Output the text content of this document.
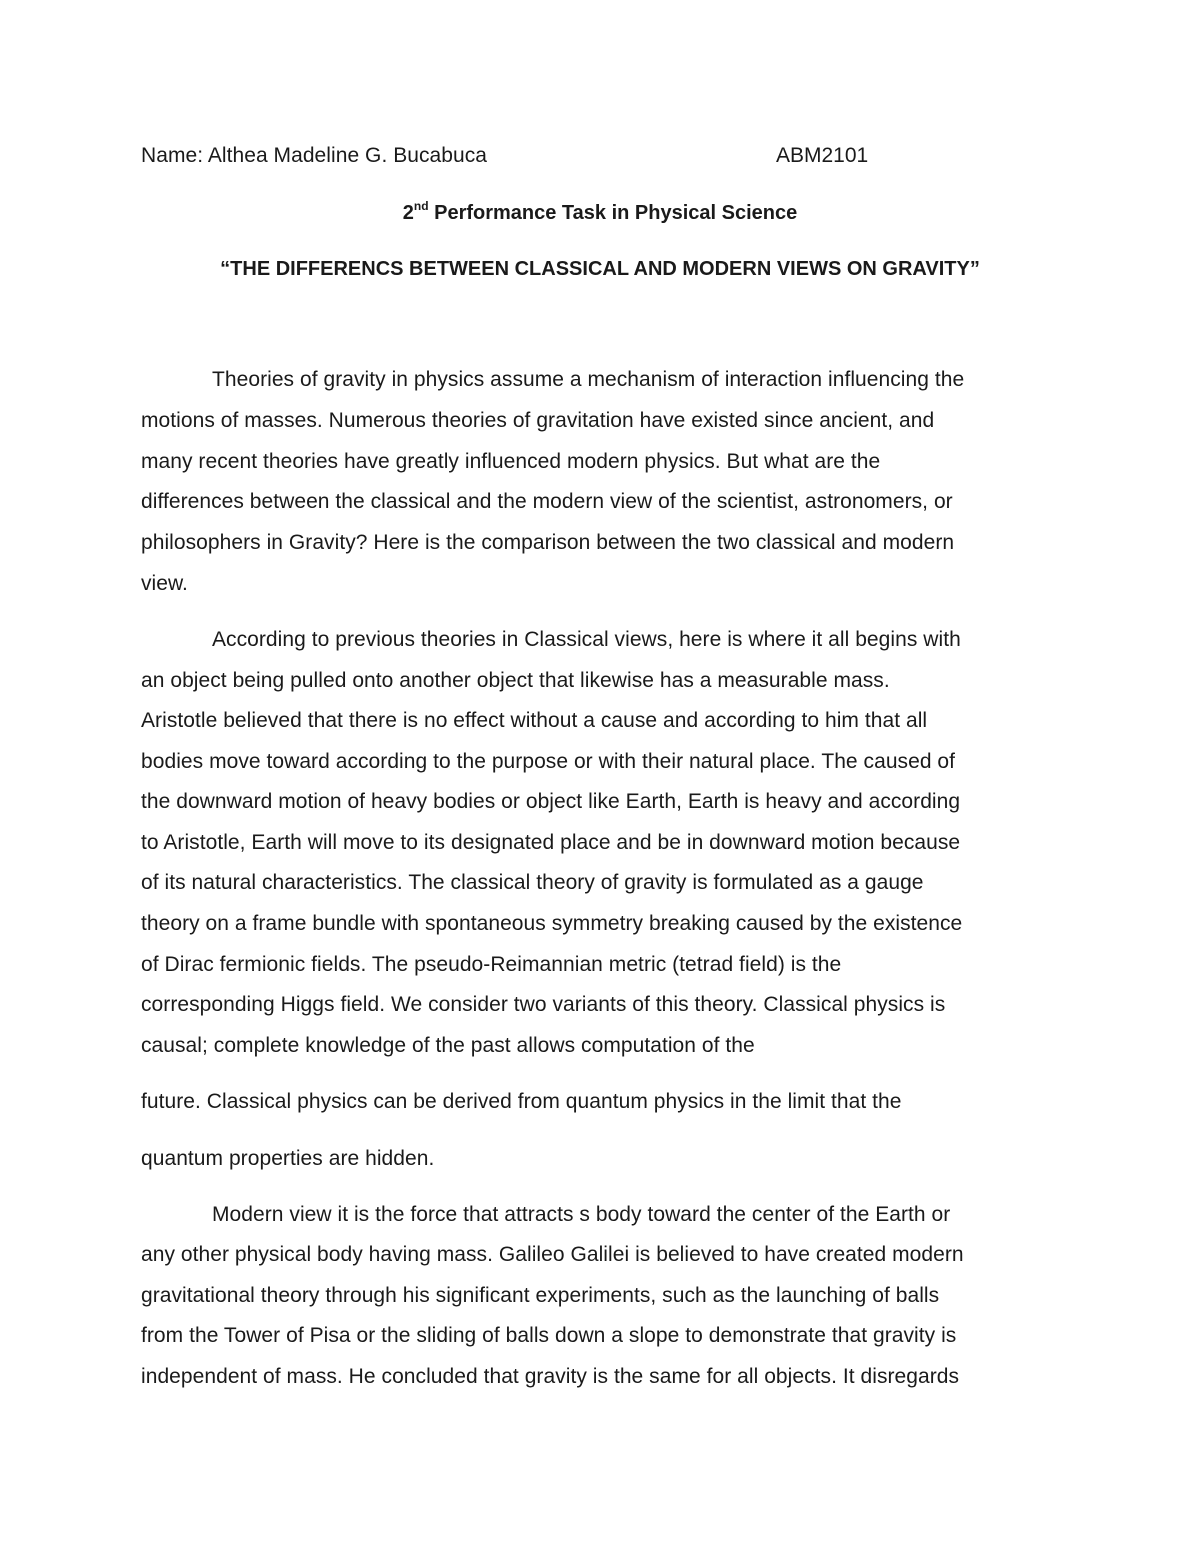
Name: Althea Madeline G. Bucabuca	ABM2101
2nd Performance Task in Physical Science
“THE DIFFERENCS BETWEEN CLASSICAL AND MODERN VIEWS ON GRAVITY”
Theories of gravity in physics assume a mechanism of interaction influencing the
motions of masses. Numerous theories of gravitation have existed since ancient, and
many recent theories have greatly influenced modern physics. But what are the
differences between the classical and the modern view of the scientist, astronomers, or
philosophers in Gravity? Here is the comparison between the two classical and modern
view.
According to previous theories in Classical views, here is where it all begins with
an object being pulled onto another object that likewise has a measurable mass.
Aristotle believed that there is no effect without a cause and according to him that all
bodies move toward according to the purpose or with their natural place. The caused of
the downward motion of heavy bodies or object like Earth, Earth is heavy and according
to Aristotle, Earth will move to its designated place and be in downward motion because
of its natural characteristics. The classical theory of gravity is formulated as a gauge
theory on a frame bundle with spontaneous symmetry breaking caused by the existence
of Dirac fermionic fields. The pseudo-Reimannian metric (tetrad field) is the
corresponding Higgs field. We consider two variants of this theory. Classical physics is
causal; complete knowledge of the past allows computation of the
future. Classical physics can be derived from quantum physics in the limit that the
quantum properties are hidden.
Modern view it is the force that attracts s body toward the center of the Earth or
any other physical body having mass. Galileo Galilei is believed to have created modern
gravitational theory through his significant experiments, such as the launching of balls
from the Tower of Pisa or the sliding of balls down a slope to demonstrate that gravity is
independent of mass. He concluded that gravity is the same for all objects. It disregards
